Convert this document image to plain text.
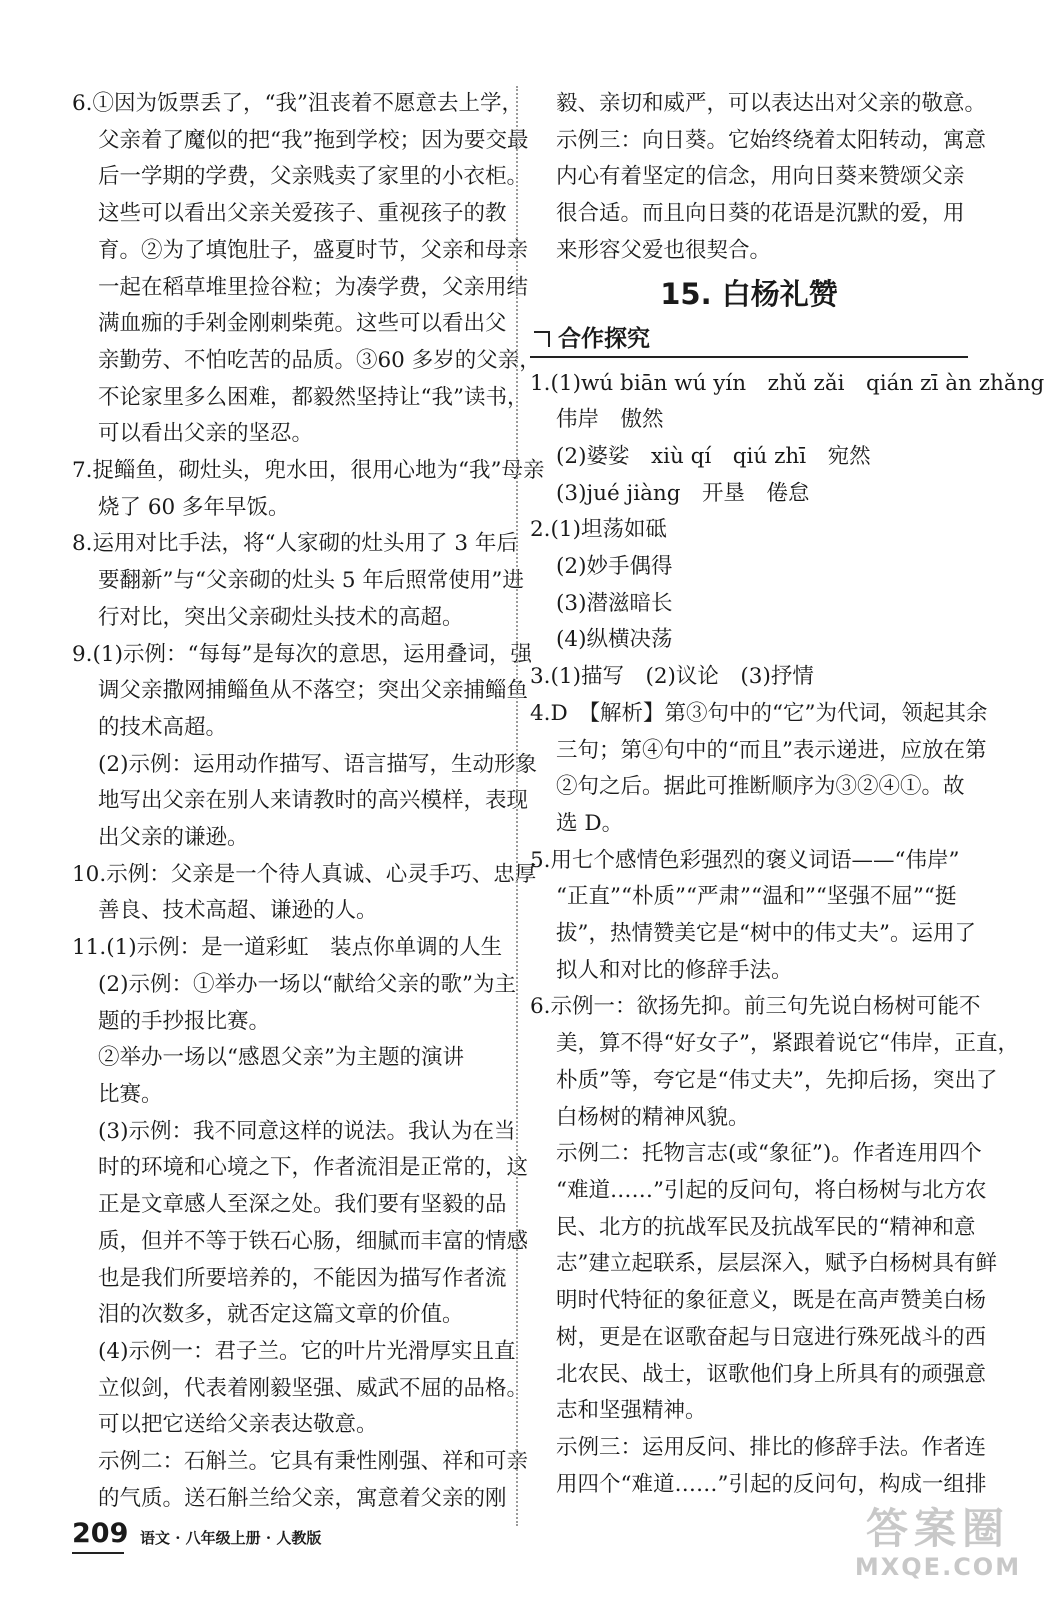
6.①因为饭票丢了，“我”沮丧着不愿意去上学，
父亲着了魔似的把“我”拖到学校；因为要交最
后一学期的学费，父亲贱卖了家里的小衣柜。
这些可以看出父亲关爱孩子、重视孩子的教
育。②为了填饱肚子，盛夏时节，父亲和母亲
一起在稻草堆里捡谷粒；为凑学费，父亲用结
满血痂的手剁金刚刺柴蔸。这些可以看出父
亲勤劳、不怕吃苦的品质。③60 多岁的父亲，
不论家里多么困难，都毅然坚持让“我”读书，
可以看出父亲的坚忍。
7.捉鲻鱼，砌灶头，兜水田，很用心地为“我”母亲
烧了 60 多年早饭。
8.运用对比手法，将“人家砌的灶头用了 3 年后
要翻新”与“父亲砌的灶头 5 年后照常使用”进
行对比，突出父亲砌灶头技术的高超。
9.(1)示例：“每每”是每次的意思，运用叠词，强
调父亲撒网捕鲻鱼从不落空；突出父亲捕鲻鱼
的技术高超。
(2)示例：运用动作描写、语言描写，生动形象
地写出父亲在别人来请教时的高兴模样，表现
出父亲的谦逊。
10.示例：父亲是一个待人真诚、心灵手巧、忠厚
善良、技术高超、谦逊的人。
11.(1)示例：是一道彩虹　装点你单调的人生
(2)示例：①举办一场以“献给父亲的歌”为主
题的手抄报比赛。
②举办一场以“感恩父亲”为主题的演讲
比赛。
(3)示例：我不同意这样的说法。我认为在当
时的环境和心境之下，作者流泪是正常的，这
正是文章感人至深之处。我们要有坚毅的品
质，但并不等于铁石心肠，细腻而丰富的情感
也是我们所要培养的，不能因为描写作者流
泪的次数多，就否定这篇文章的价值。
(4)示例一：君子兰。它的叶片光滑厚实且直
立似剑，代表着刚毅坚强、威武不屈的品格。
可以把它送给父亲表达敬意。
示例二：石斛兰。它具有秉性刚强、祥和可亲
的气质。送石斛兰给父亲，寓意着父亲的刚
毅、亲切和威严，可以表达出对父亲的敬意。
示例三：向日葵。它始终绕着太阳转动，寓意
内心有着坚定的信念，用向日葵来赞颂父亲
很合适。而且向日葵的花语是沉默的爱，用
来形容父爱也很契合。
15. 白杨礼赞
合作探究
1.(1)wú biān wú yín　zhǔ zǎi　qián zī àn zhǎng
伟岸　傲然
(2)婆娑　xiù qí　qiú zhī　宛然
(3)jué jiàng　开垦　倦怠
2.(1)坦荡如砥
(2)妙手偶得
(3)潜滋暗长
(4)纵横决荡
3.(1)描写　(2)议论　(3)抒情
4.D　【解析】第③句中的“它”为代词，领起其余
三句；第④句中的“而且”表示递进，应放在第
②句之后。据此可推断顺序为③②④①。故
选 D。
5.用七个感情色彩强烈的褒义词语——“伟岸”
“正直”“朴质”“严肃”“温和”“坚强不屈”“挺
拔”，热情赞美它是“树中的伟丈夫”。运用了
拟人和对比的修辞手法。
6.示例一：欲扬先抑。前三句先说白杨树可能不
美，算不得“好女子”，紧跟着说它“伟岸，正直，
朴质”等，夸它是“伟丈夫”，先抑后扬，突出了
白杨树的精神风貌。
示例二：托物言志(或“象征”)。作者连用四个
“难道……”引起的反问句，将白杨树与北方农
民、北方的抗战军民及抗战军民的“精神和意
志”建立起联系，层层深入，赋予白杨树具有鲜
明时代特征的象征意义，既是在高声赞美白杨
树，更是在讴歌奋起与日寇进行殊死战斗的西
北农民、战士，讴歌他们身上所具有的顽强意
志和坚强精神。
示例三：运用反问、排比的修辞手法。作者连
用四个“难道……”引起的反问句，构成一组排
209 语文 · 八年级上册 · 人教版	答案圈
MXQE.COM
